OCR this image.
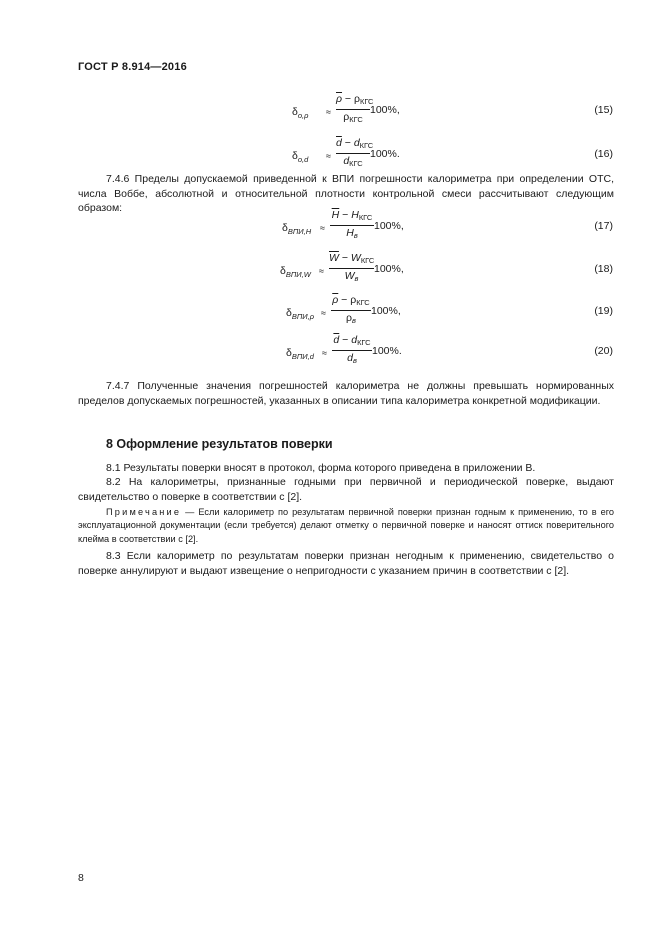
ГОСТ Р 8.914—2016
$\delta_{o,\rho}$ ≈
$\overline{\rho} - \rho_{КГС}$
$\rho_{КГС}$
100%,	(15)
$\delta_{o,d}$ ≈
$\overline{d} - d_{КГС}$
$d_{КГС}$
100%.	(16)
7.4.6 Пределы допускаемой приведенной к ВПИ погрешности калориметра при определении ОТС, числа Воббе, абсолютной и относительной плотности контрольной смеси рассчитывают следующим образом:
$\delta_{ВПИ,H}$ ≈
$\overline{H} - H_{КГС}$
$H_в$
100%,	(17)
$\delta_{ВПИ,W}$ ≈
$\overline{W} - W_{КГС}$
$W_в$
100%,	(18)
$\delta_{ВПИ,\rho}$ ≈
$\overline{\rho} - \rho_{КГС}$
$\rho_в$
100%,	(19)
$\delta_{ВПИ,d}$ ≈
$\overline{d} - d_{КГС}$
$d_в$
100%.	(20)
7.4.7 Полученные значения погрешностей калориметра не должны превышать нормированных пределов допускаемых погрешностей, указанных в описании типа калориметра конкретной модификации.
8 Оформление результатов поверки
8.1 Результаты поверки вносят в протокол, форма которого приведена в приложении В.
8.2 На калориметры, признанные годными при первичной и периодической поверке, выдают свидетельство о поверке в соответствии с [2].
Примечание — Если калориметр по результатам первичной поверки признан годным к применению, то в его эксплуатационной документации (если требуется) делают отметку о первичной поверке и наносят оттиск поверительного клейма в соответствии с [2].
8.3 Если калориметр по результатам поверки признан негодным к применению, свидетельство о поверке аннулируют и выдают извещение о непригодности с указанием причин в соответствии с [2].
8
